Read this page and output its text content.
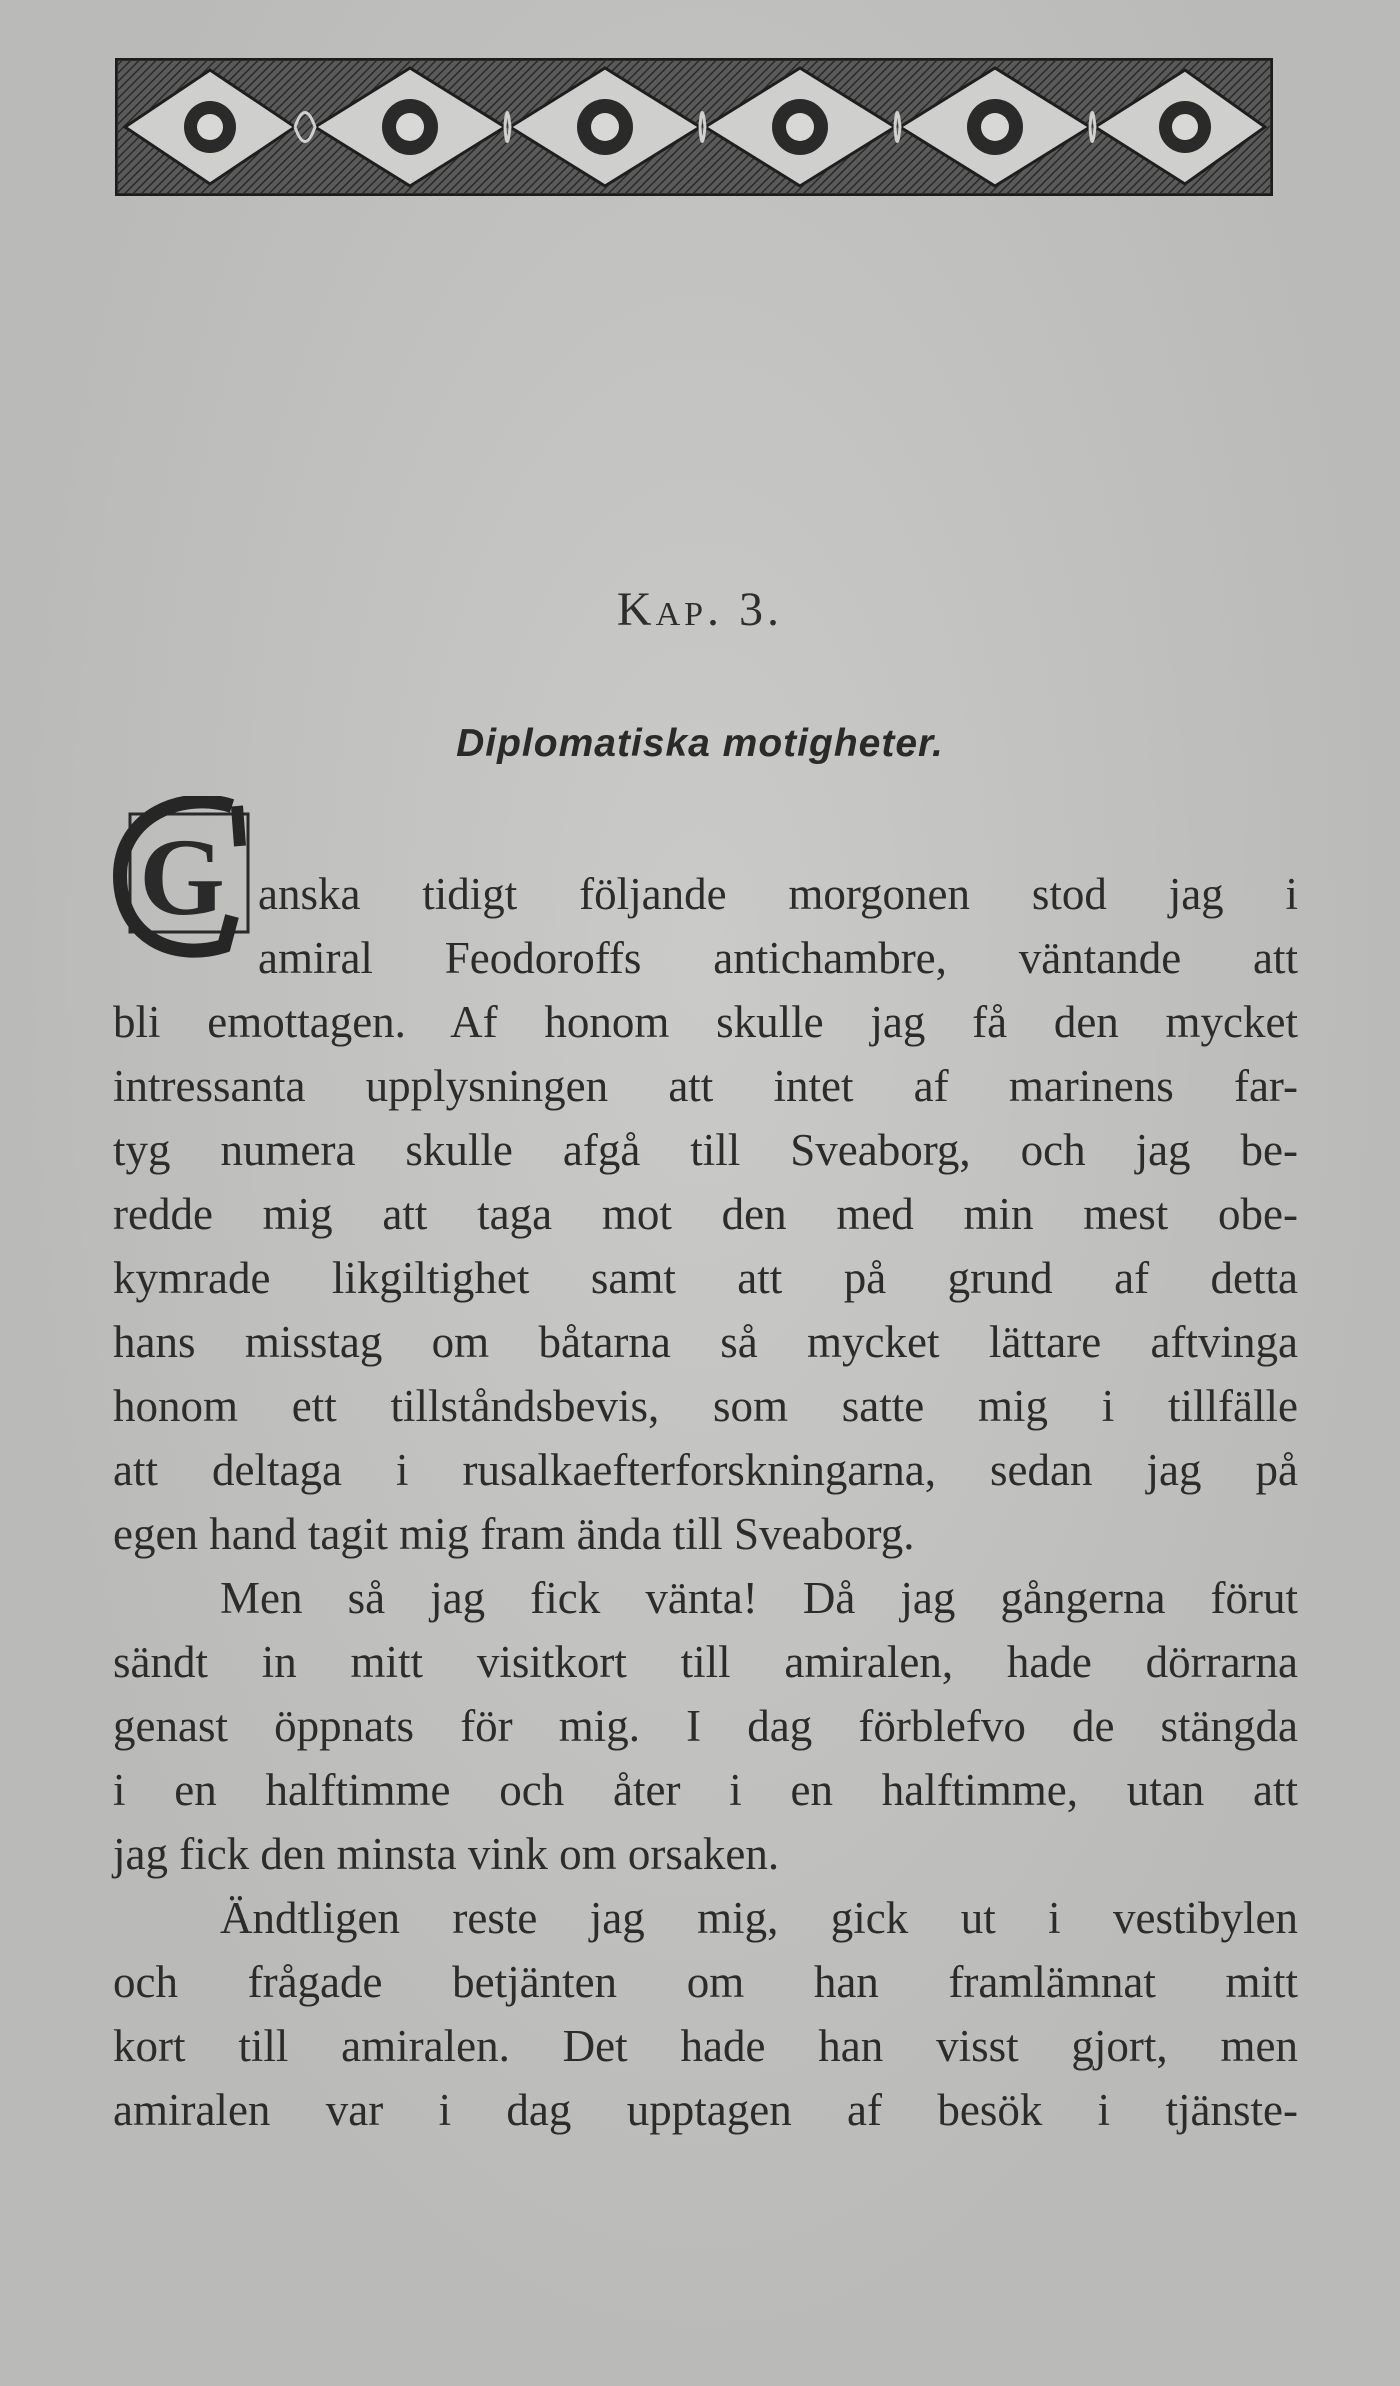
Kap. 3.
Diplomatiska motigheter.
G anska tidigt följande morgonen stod jag i
amiral Feodoroffs antichambre, väntande att
bli emottagen. Af honom skulle jag få den mycket
intressanta upplysningen att intet af marinens far-
tyg numera skulle afgå till Sveaborg, och jag be-
redde mig att taga mot den med min mest obe-
kymrade likgiltighet samt att på grund af detta
hans misstag om båtarna så mycket lättare aftvinga
honom ett tillståndsbevis, som satte mig i tillfälle
att deltaga i rusalkaefterforskningarna, sedan jag på
egen hand tagit mig fram ända till Sveaborg.
Men så jag fick vänta! Då jag gångerna förut
sändt in mitt visitkort till amiralen, hade dörrarna
genast öppnats för mig. I dag förblefvo de stängda
i en halftimme och åter i en halftimme, utan att
jag fick den minsta vink om orsaken.
Ändtligen reste jag mig, gick ut i vestibylen
och frågade betjänten om han framlämnat mitt
kort till amiralen. Det hade han visst gjort, men
amiralen var i dag upptagen af besök i tjänste-
